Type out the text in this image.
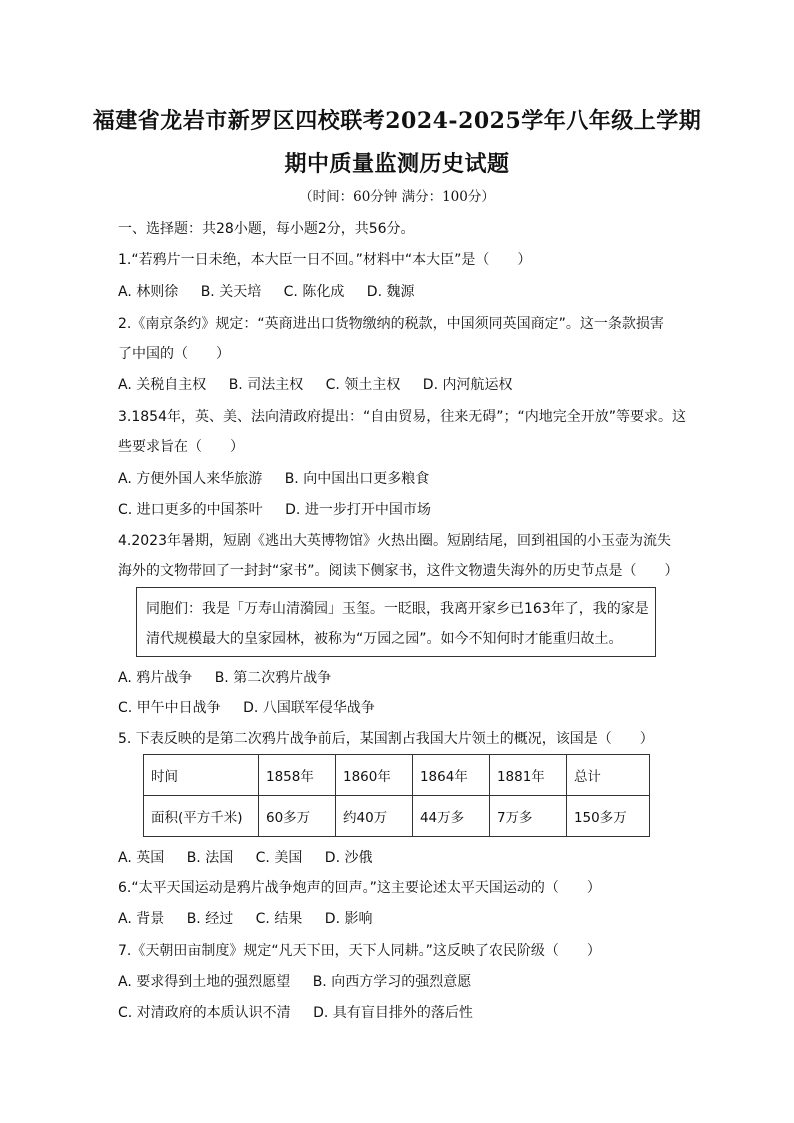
福建省龙岩市新罗区四校联考2024-2025学年八年级上学期
期中质量监测历史试题
（时间：60分钟 满分：100分）
一、选择题：共28小题，每小题2分，共56分。
1.“若鸦片一日未绝，本大臣一日不回。”材料中“本大臣”是（　　）
A. 林则徐 B. 关天培 C. 陈化成 D. 魏源
2.《南京条约》规定：“英商进出口货物缴纳的税款，中国须同英国商定”。这一条款损害
了中国的（　　）
A. 关税自主权 B. 司法主权 C. 领土主权 D. 内河航运权
3.1854年，英、美、法向清政府提出：“自由贸易，往来无碍”；“内地完全开放”等要求。这
些要求旨在（　　）
A. 方便外国人来华旅游 B. 向中国出口更多粮食
C. 进口更多的中国茶叶 D. 进一步打开中国市场
4.2023年暑期，短剧《逃出大英博物馆》火热出圈。短剧结尾，回到祖国的小玉壶为流失
海外的文物带回了一封封“家书”。阅读下侧家书，这件文物遗失海外的历史节点是（　　）
同胞们：我是「万寿山清漪园」玉玺。一眨眼，我离开家乡已163年了，我的家是
清代规模最大的皇家园林，被称为“万园之园”。如今不知何时才能重归故土。
A. 鸦片战争 B. 第二次鸦片战争
C. 甲午中日战争 D. 八国联军侵华战争
5. 下表反映的是第二次鸦片战争前后，某国割占我国大片领土的概况，该国是（　　）
时间	1858年	1860年	1864年	1881年	总计
面积(平方千米)	60多万	约40万	44万多	7万多	150多万
A. 英国 B. 法国 C. 美国 D. 沙俄
6.“太平天国运动是鸦片战争炮声的回声。”这主要论述太平天国运动的（　　）
A. 背景 B. 经过 C. 结果 D. 影响
7.《天朝田亩制度》规定“凡天下田，天下人同耕。”这反映了农民阶级（　　）
A. 要求得到土地的强烈愿望 B. 向西方学习的强烈意愿
C. 对清政府的本质认识不清 D. 具有盲目排外的落后性
